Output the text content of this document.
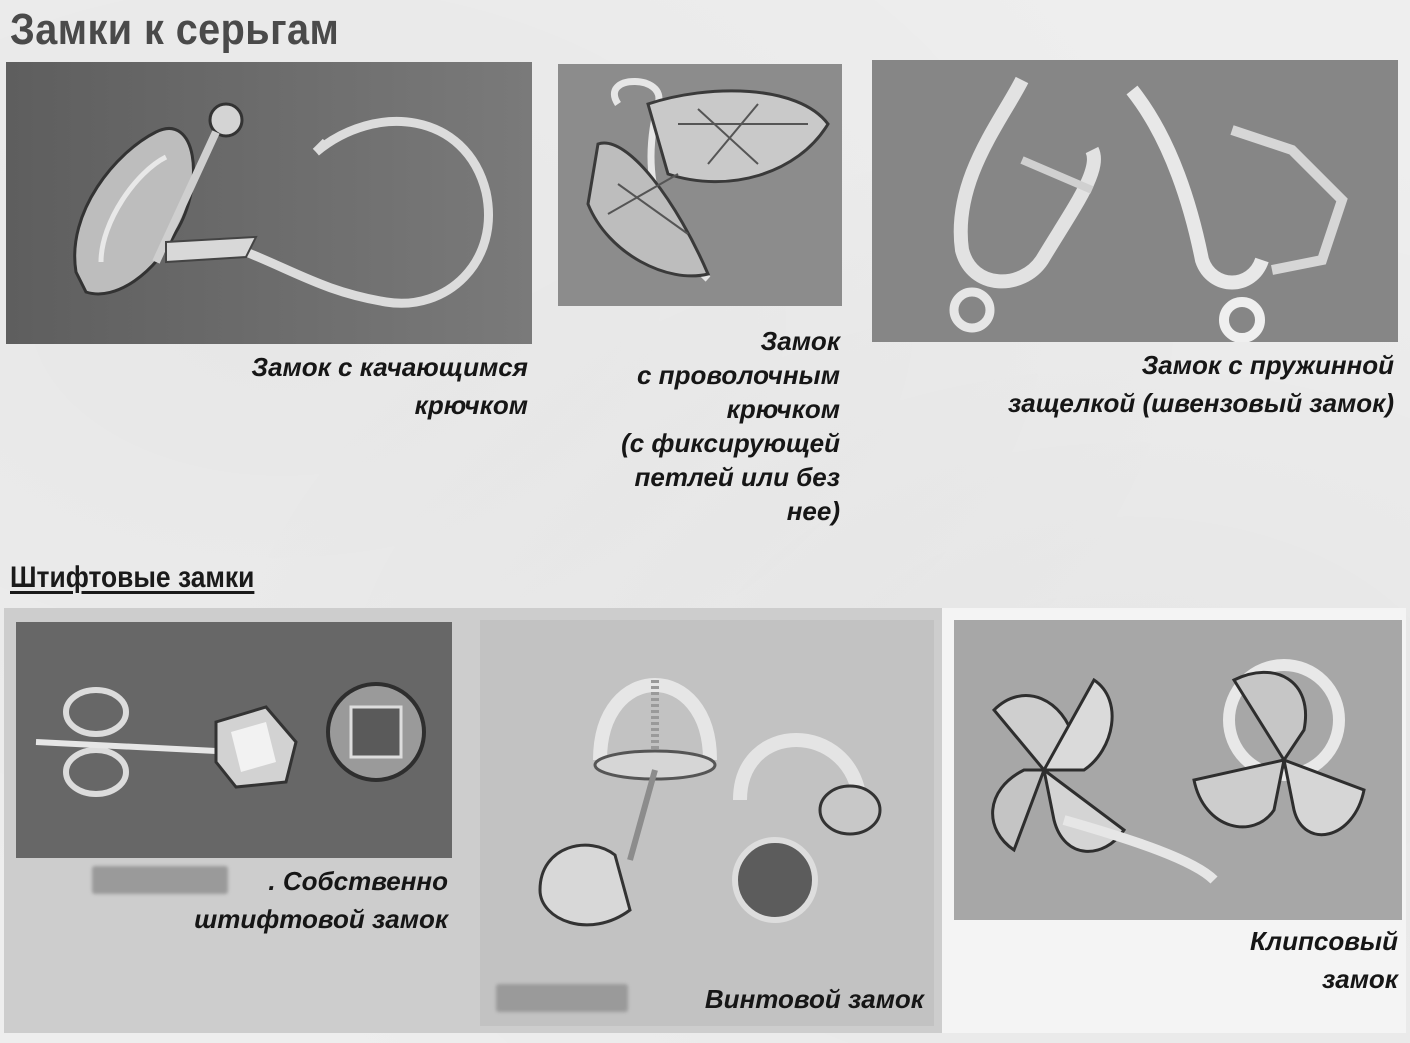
Замки к серьгам
Замок с качающимся
крючком
Замок
с проволочным
крючком
(с фиксирующей
петлей или без
нее)
Замок с пружинной
защелкой (швензовый замок)
Штифтовые замки
. Собственно
штифтовой замок
Винтовой замок
Клипсовый
замок
